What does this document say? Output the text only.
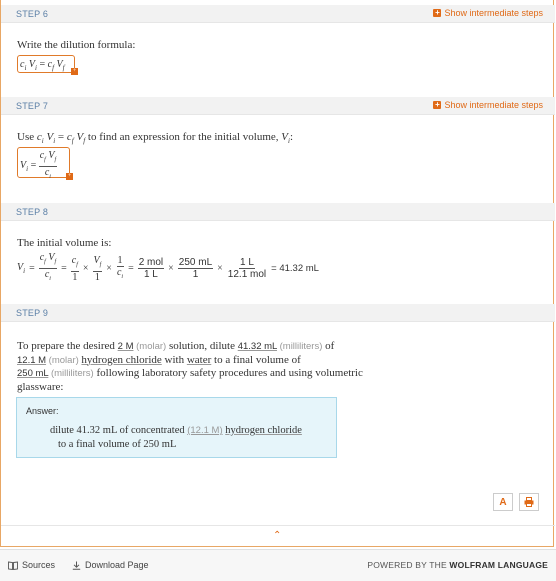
STEP 6	+ Show intermediate steps
Write the dilution formula:
$c_i$ $V_i = c_f$ $V_f$ +
STEP 7	+ Show intermediate steps
Use $c_i$ $V_i = c_f$ $V_f$ to find an expression for the initial volume, $V_i$:
$V_i = \frac{c_f V_f}{c_i}$ +
STEP 8
The initial volume is:
$V_i = \frac{c_f V_f}{c_i} = \frac{c_f}{1} \times \frac{V_f}{1} \times \frac{1}{c_i} = \frac{\text{2 mol}}{1 L} \times \frac{250 mL}{1} \times \frac{1 L}{\text{12.1 mol}} = 41.32$ mL
STEP 9
To prepare the desired 2 M (molar) solution, dilute 41.32 mL (milliliters) of
12.1 M (molar) hydrogen chloride with water to a final volume of
250 mL (milliliters) following laboratory safety procedures and using volumetric
glassware:
Answer:
dilute 41.32 mL of concentrated (12.1 M) hydrogen chloride
to a final volume of 250 mL
A
⌃
Sources	Download Page	POWERED BY THE WOLFRAM LANGUAGE
